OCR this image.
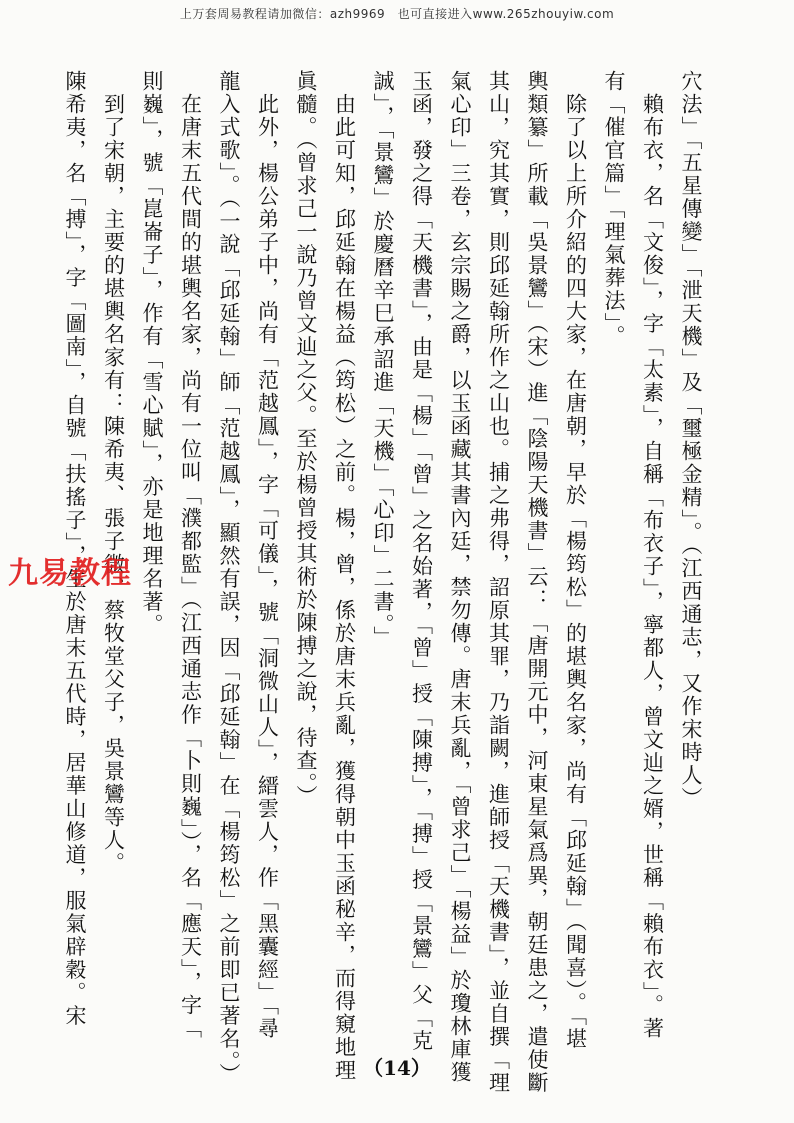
上万套周易教程请加微信：azh9969　也可直接进入www.265zhouyiw.com
穴法」「五星傳變」「泄天機」及「璽極金精」。（江西通志，又作宋時人）
　賴布衣，名「文俊」，字「太素」，自稱「布衣子」，寧都人，曾文辿之婿，世稱「賴布衣」。著
有「催官篇」「理氣葬法」。
　除了以上所介紹的四大家，在唐朝，早於「楊筠松」的堪輿名家，尚有「邱延翰」（聞喜）。「堪
輿類纂」所載「吳景鸞」（宋）進「陰陽天機書」云：「唐開元中，河東星氣爲異，朝廷患之，遣使斷
其山，究其實，則邱延翰所作之山也。捕之弗得，詔原其罪，乃詣闕，進師授「天機書」，並自撰「理
氣心印」三卷，玄宗賜之爵，以玉函藏其書內廷，禁勿傳。唐末兵亂，「曾求己」「楊益」於瓊林庫獲
玉函，發之得「天機書」，由是「楊」「曾」之名始著，「曾」授「陳搏」，「搏」授「景鸞」父「克
誠」，「景鸞」於慶曆辛巳承詔進「天機」「心印」二書。」
　由此可知，邱延翰在楊益（筠松）之前。楊，曾，係於唐末兵亂，獲得朝中玉函秘辛，而得窺地理
眞髓。（曾求己一說乃曾文辿之父。至於楊曾授其術於陳搏之說，待查。）
　此外，楊公弟子中，尚有「范越鳳」，字「可儀」，號「洞微山人」，縉雲人，作「黑囊經」「尋
龍入式歌」。（一說「邱延翰」師「范越鳳」，顯然有誤，因「邱延翰」在「楊筠松」之前即已著名。）
　在唐末五代間的堪輿名家，尚有一位叫「濮都監」（江西通志作「卜則巍」），名「應天」，字「
則巍」，號「崑崙子」，作有「雪心賦」，亦是地理名著。
　到了宋朝，主要的堪輿名家有：陳希夷、張子微、蔡牧堂父子，吳景鸞等人。
陳希夷，名「搏」，字「圖南」，自號「扶搖子」，生於唐末五代時，居華山修道，服氣辟穀。宋
九易教程
（14）
